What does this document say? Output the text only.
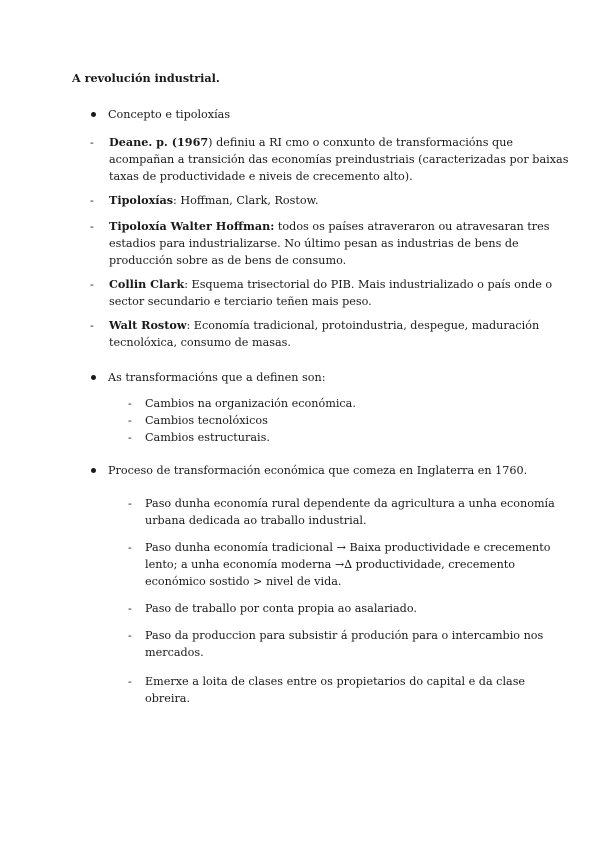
A revolución industrial.
Concepto e tipoloxías
- Deane. p. (1967) definiu a RI cmo o conxunto de transformacións que
acompañan a transición das economías preindustriais (caracterizadas por baixas
taxas de productividade e niveis de crecemento alto).
- Tipoloxías: Hoffman, Clark, Rostow.
- Tipoloxía Walter Hoffman: todos os países atraveraron ou atravesaran tres
estadios para industrializarse. No último pesan as industrias de bens de
producción sobre as de bens de consumo.
- Collin Clark: Esquema trisectorial do PIB. Mais industrializado o país onde o
sector secundario e terciario teñen mais peso.
- Walt Rostow: Economía tradicional, protoindustria, despegue, maduración
tecnolóxica, consumo de masas.
As transformacións que a definen son:
- Cambios na organización económica.
- Cambios tecnolóxicos
- Cambios estructurais.
Proceso de transformación económica que comeza en Inglaterra en 1760.
- Paso dunha economía rural dependente da agricultura a unha economía
urbana dedicada ao traballo industrial.
- Paso dunha economía tradicional → Baixa productividade e crecemento
lento; a unha economía moderna →∆ productividade, crecemento
económico sostido > nivel de vida.
- Paso de traballo por conta propia ao asalariado.
- Paso da produccion para subsistir á produción para o intercambio nos
mercados.
- Emerxe a loita de clases entre os propietarios do capital e da clase
obreira.
